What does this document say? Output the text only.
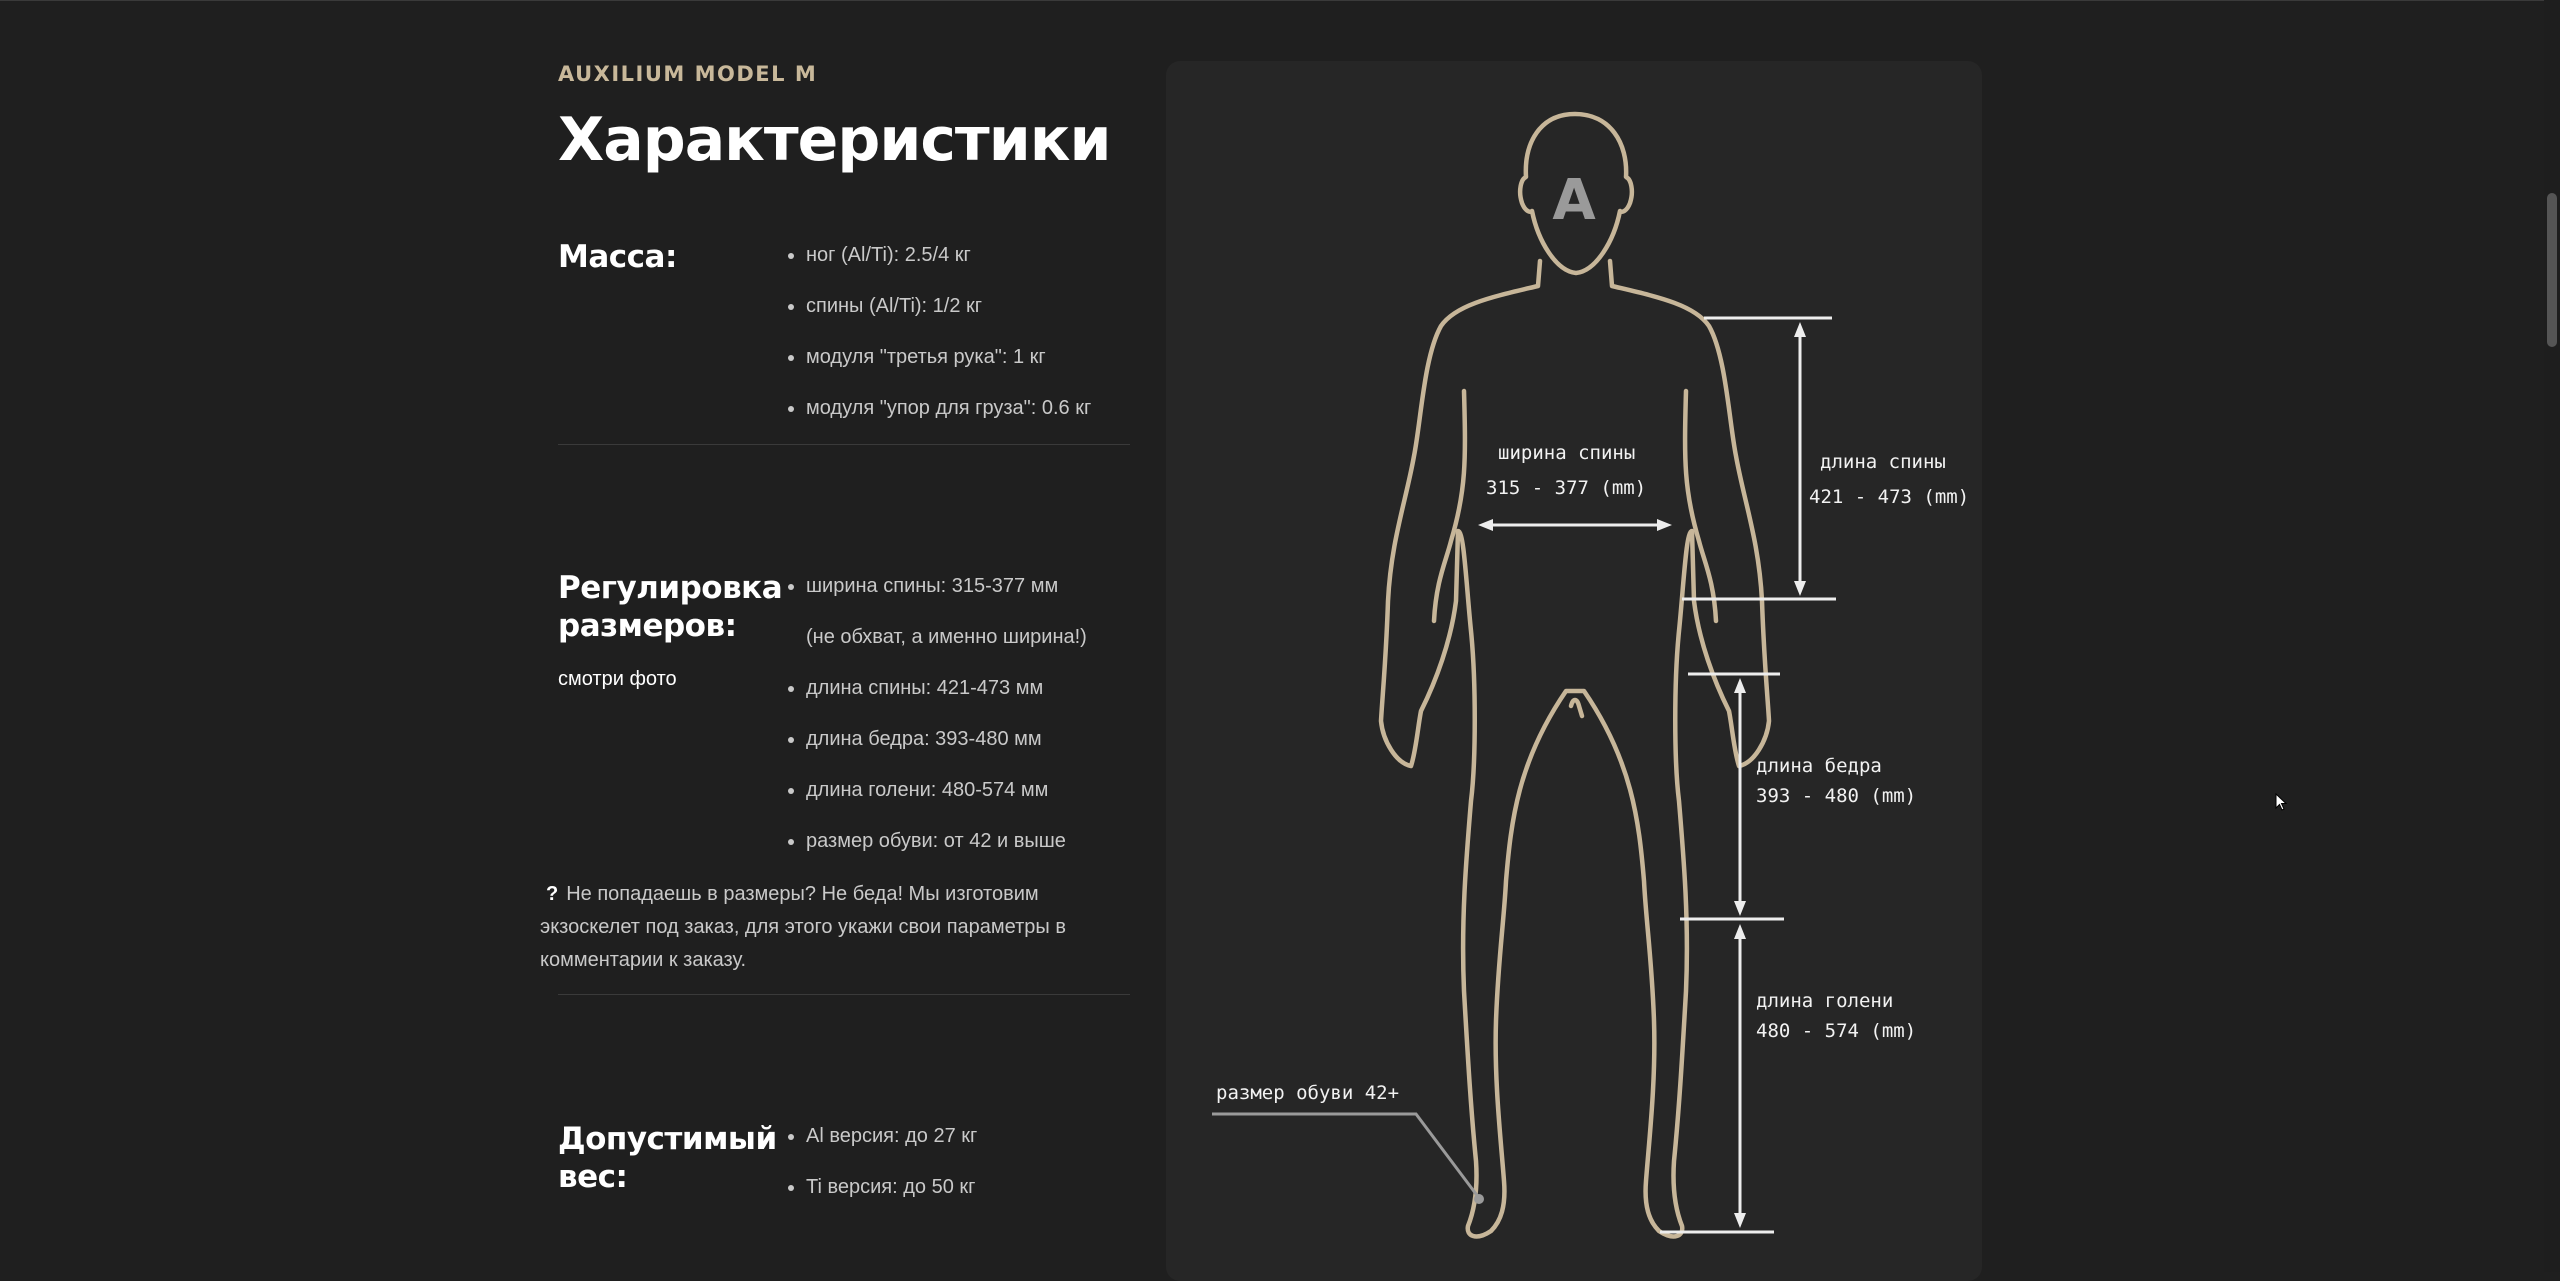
AUXILIUM MODEL M
Характеристики
Масса:	ног (Al/Ti): 2.5/4 кг
спины (Al/Ti): 1/2 кг
модуля "третья рука": 1 кг
модуля "упор для груза": 0.6 кг
Регулировка
размеров:
смотри фото
ширина спины: 315-377 мм
(не обхват, а именно ширина!)
длина спины: 421-473 мм
длина бедра: 393-480 мм
длина голени: 480-574 мм
размер обуви: от 42 и выше
? Не попадаешь в размеры? Не беда! Мы изготовим экзоскелет под заказ, для этого укажи свои параметры в комментарии к заказу.
Допустимый
вес:
Al версия: до 27 кг
Ti версия: до 50 кг
A
ширина спины
315 - 377 (mm)
длина спины
421 - 473 (mm)
длина бедра
393 - 480 (mm)
длина голени
480 - 574 (mm)
размер обуви 42+
